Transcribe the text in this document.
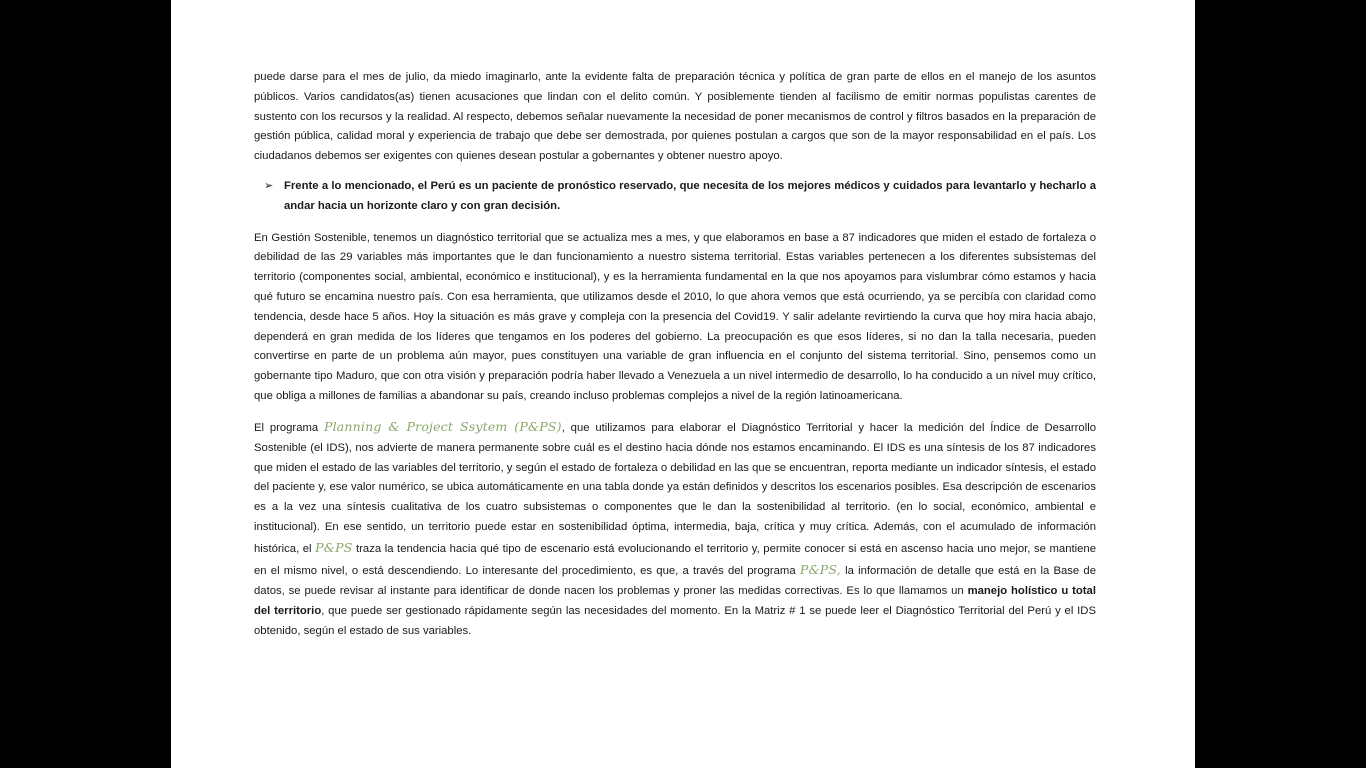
puede darse para el mes de julio, da miedo imaginarlo, ante la evidente falta de preparación técnica y política de gran parte de ellos en el manejo de los asuntos públicos. Varios candidatos(as) tienen acusaciones que lindan con el delito común. Y posiblemente tienden al facilismo de emitir normas populistas carentes de sustento con los recursos y la realidad. Al respecto, debemos señalar nuevamente la necesidad de poner mecanismos de control y filtros basados en la preparación de gestión pública, calidad moral y experiencia de trabajo que debe ser demostrada, por quienes postulan a cargos que son de la mayor responsabilidad en el país. Los ciudadanos debemos ser exigentes con quienes desean postular a gobernantes y obtener nuestro apoyo.

➢ Frente a lo mencionado, el Perú es un paciente de pronóstico reservado, que necesita de los mejores médicos y cuidados para levantarlo y hecharlo a andar hacia un horizonte claro y con gran decisión.

En Gestión Sostenible, tenemos un diagnóstico territorial que se actualiza mes a mes, y que elaboramos en base a 87 indicadores que miden el estado de fortaleza o debilidad de las 29 variables más importantes que le dan funcionamiento a nuestro sistema territorial. Estas variables pertenecen a los diferentes subsistemas del territorio (componentes social, ambiental, económico e institucional), y es la herramienta fundamental en la que nos apoyamos para vislumbrar cómo estamos y hacia qué futuro se encamina nuestro país. Con esa herramienta, que utilizamos desde el 2010, lo que ahora vemos que está ocurriendo, ya se percibía con claridad como tendencia, desde hace 5 años. Hoy la situación es más grave y compleja con la presencia del Covid19. Y salir adelante revirtiendo la curva que hoy mira hacia abajo, dependerá en gran medida de los líderes que tengamos en los poderes del gobierno. La preocupación es que esos líderes, si no dan la talla necesaria, pueden convertirse en parte de un problema aún mayor, pues constituyen una variable de gran influencia en el conjunto del sistema territorial. Sino, pensemos como un gobernante tipo Maduro, que con otra visión y preparación podría haber llevado a Venezuela a un nivel intermedio de desarrollo, lo ha conducido a un nivel muy crítico, que obliga a millones de familias a abandonar su país, creando incluso problemas complejos a nivel de la región latinoamericana.

El programa Planning & Project Ssytem (P&PS), que utilizamos para elaborar el Diagnóstico Territorial y hacer la medición del Índice de Desarrollo Sostenible (el IDS), nos advierte de manera permanente sobre cuál es el destino hacia dónde nos estamos encaminando. El IDS es una síntesis de los 87 indicadores que miden el estado de las variables del territorio, y según el estado de fortaleza o debilidad en las que se encuentran, reporta mediante un indicador síntesis, el estado del paciente y, ese valor numérico, se ubica automáticamente en una tabla donde ya están definidos y descritos los escenarios posibles. Esa descripción de escenarios es a la vez una síntesis cualitativa de los cuatro subsistemas o componentes que le dan la sostenibilidad al territorio. (en lo social, económico, ambiental e institucional). En ese sentido, un territorio puede estar en sostenibilidad óptima, intermedia, baja, crítica y muy crítica. Además, con el acumulado de información histórica, el P&PS traza la tendencia hacia qué tipo de escenario está evolucionando el territorio y, permite conocer si está en ascenso hacia uno mejor, se mantiene en el mismo nivel, o está descendiendo. Lo interesante del procedimiento, es que, a través del programa P&PS, la información de detalle que está en la Base de datos, se puede revisar al instante para identificar de donde nacen los problemas y proner las medidas correctivas. Es lo que llamamos un manejo holístico u total del territorio, que puede ser gestionado rápidamente según las necesidades del momento. En la Matriz # 1 se puede leer el Diagnóstico Territorial del Perú y el IDS obtenido, según el estado de sus variables.
